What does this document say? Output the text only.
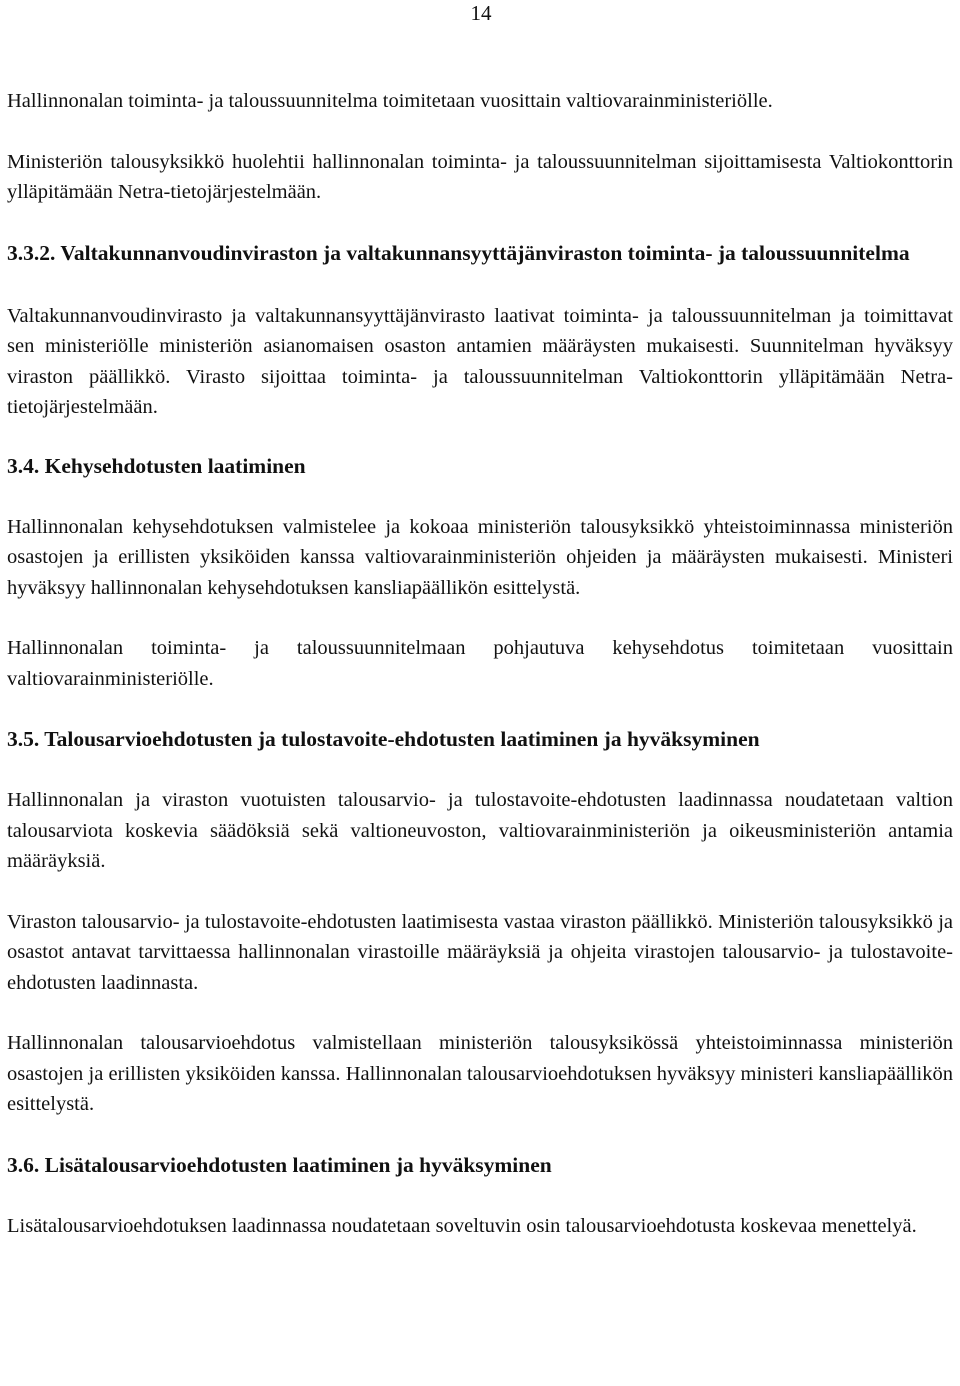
14

Hallinnonalan toiminta- ja taloussuunnitelma toimitetaan vuosittain valtiovarainministeriölle.

Ministeriön talousyksikkö huolehtii hallinnonalan toiminta- ja taloussuunnitelman sijoittamisesta Valtiokonttorin ylläpitämään Netra-tietojärjestelmään.

3.3.2. Valtakunnanvoudinviraston ja valtakunnansyyttäjänviraston toiminta- ja taloussuunnitelma

Valtakunnanvoudinvirasto ja valtakunnansyyttäjänvirasto laativat toiminta- ja taloussuunnitelman ja toimittavat sen ministeriölle ministeriön asianomaisen osaston antamien määräysten mukaisesti. Suunnitelman hyväksyy viraston päällikkö. Virasto sijoittaa toiminta- ja taloussuunnitelman Valtiokonttorin ylläpitämään Netra-tietojärjestelmään.

3.4. Kehysehdotusten laatiminen

Hallinnonalan kehysehdotuksen valmistelee ja kokoaa ministeriön talousyksikkö yhteistoiminnassa ministeriön osastojen ja erillisten yksiköiden kanssa valtiovarainministeriön ohjeiden ja määräysten mukaisesti. Ministeri hyväksyy hallinnonalan kehysehdotuksen kansliapäällikön esittelystä.

Hallinnonalan toiminta- ja taloussuunnitelmaan pohjautuva kehysehdotus toimitetaan vuosittain valtiovarainministeriölle.

3.5. Talousarvioehdotusten ja tulostavoite-ehdotusten laatiminen ja hyväksyminen

Hallinnonalan ja viraston vuotuisten talousarvio- ja tulostavoite-ehdotusten laadinnassa noudatetaan valtion talousarviota koskevia säädöksiä sekä valtioneuvoston, valtiovarainministeriön ja oikeusministeriön antamia määräyksiä.

Viraston talousarvio- ja tulostavoite-ehdotusten laatimisesta vastaa viraston päällikkö. Ministeriön talousyksikkö ja osastot antavat tarvittaessa hallinnonalan virastoille määräyksiä ja ohjeita virastojen talousarvio- ja tulostavoite-ehdotusten laadinnasta.

Hallinnonalan talousarvioehdotus valmistellaan ministeriön talousyksikössä yhteistoiminnassa ministeriön osastojen ja erillisten yksiköiden kanssa. Hallinnonalan talousarvioehdotuksen hyväksyy ministeri kansliapäällikön esittelystä.

3.6. Lisätalousarvioehdotusten laatiminen ja hyväksyminen

Lisätalousarvioehdotuksen laadinnassa noudatetaan soveltuvin osin talousarvioehdotusta koskevaa menettelyä.
